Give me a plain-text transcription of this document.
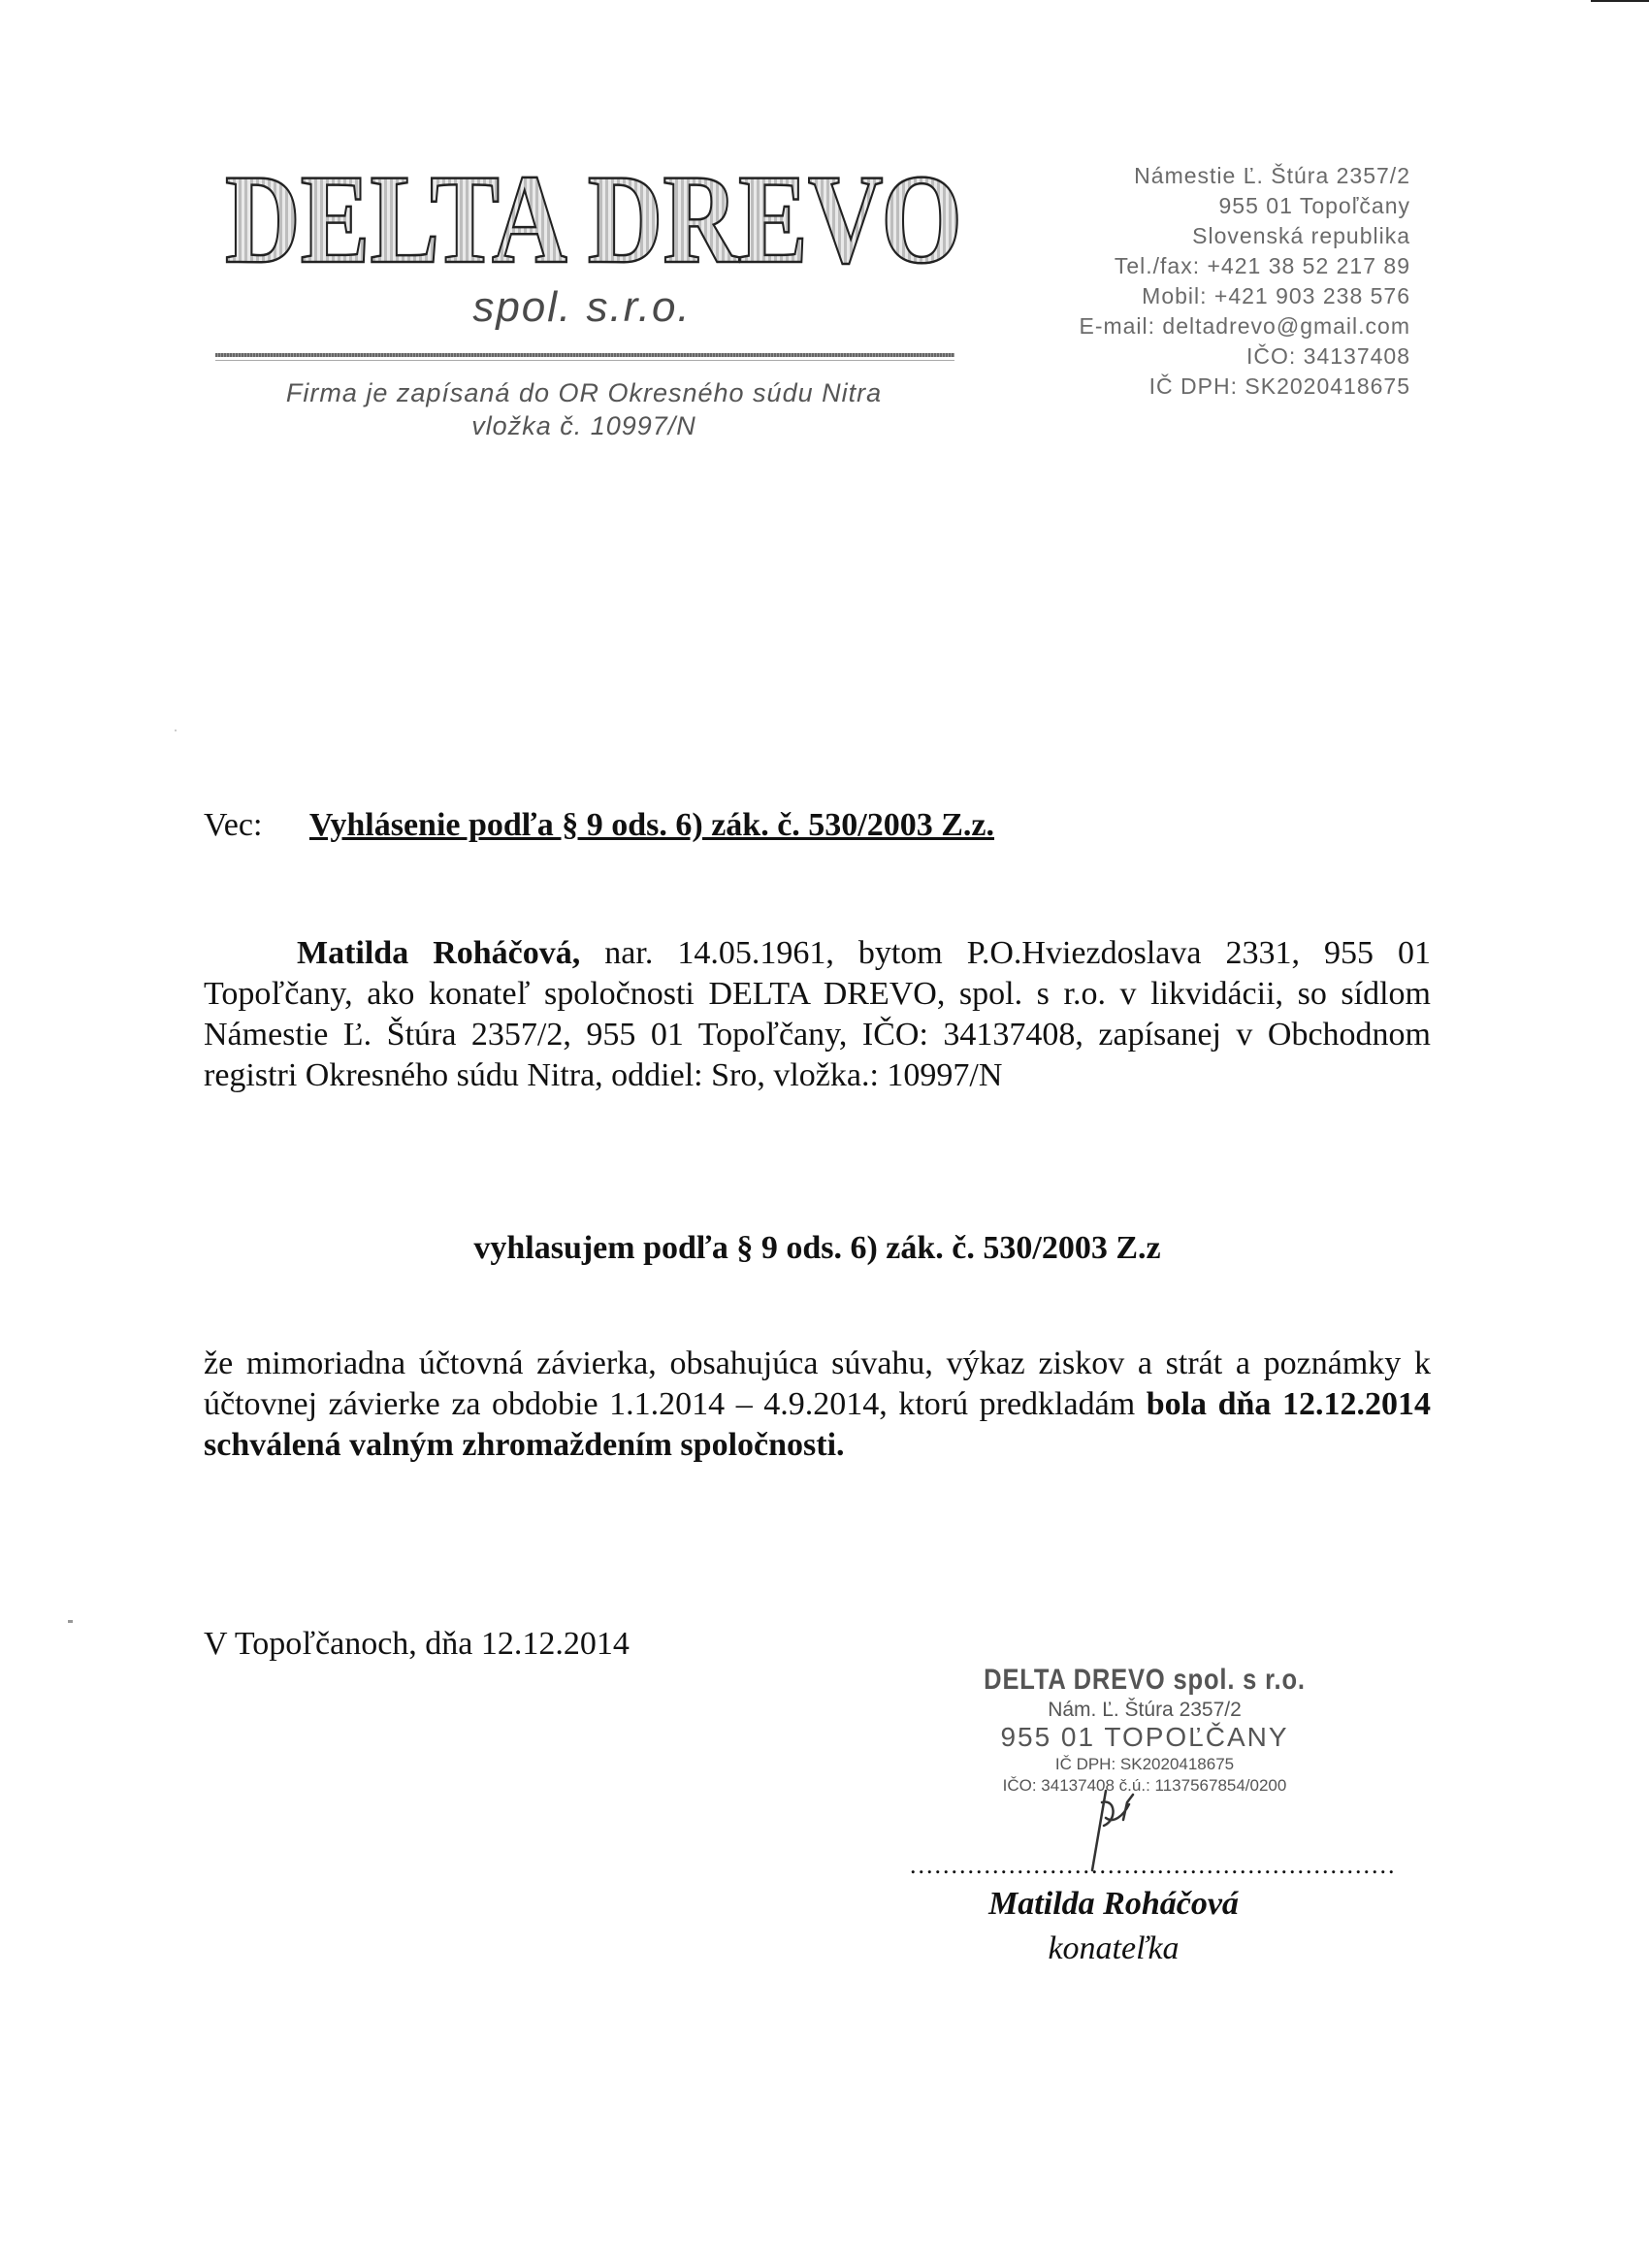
DELTA DREVO
spol. s.r.o.
Firma je zapísaná do OR Okresného súdu Nitra
vložka č. 10997/N
Námestie Ľ. Štúra 2357/2
955 01 Topoľčany
Slovenská republika
Tel./fax: +421 38 52 217 89
Mobil: +421 903 238 576
E-mail: deltadrevo@gmail.com
IČO: 34137408
IČ DPH: SK2020418675
Vec: Vyhlásenie podľa § 9 ods. 6) zák. č. 530/2003 Z.z.
Matilda Roháčová, nar. 14.05.1961, bytom P.O.Hviezdoslava 2331, 955 01 Topoľčany, ako konateľ spoločnosti DELTA DREVO, spol. s r.o. v likvidácii, so sídlom Námestie Ľ. Štúra 2357/2, 955 01 Topoľčany, IČO: 34137408, zapísanej v Obchodnom registri Okresného súdu Nitra, oddiel: Sro, vložka.: 10997/N
vyhlasujem podľa § 9 ods. 6) zák. č. 530/2003 Z.z
že mimoriadna účtovná závierka, obsahujúca súvahu, výkaz ziskov a strát a poznámky k účtovnej závierke za obdobie 1.1.2014 – 4.9.2014, ktorú predkladám bola dňa 12.12.2014 schválená valným zhromaždením spoločnosti.
V Topoľčanoch, dňa 12.12.2014
DELTA DREVO spol. s r.o.
Nám. Ľ. Štúra 2357/2
955 01 TOPOĽČANY
IČ DPH: SK2020418675
IČO: 34137408 č.ú.: 1137567854/0200
...........................................................
Matilda Roháčová
konateľka
